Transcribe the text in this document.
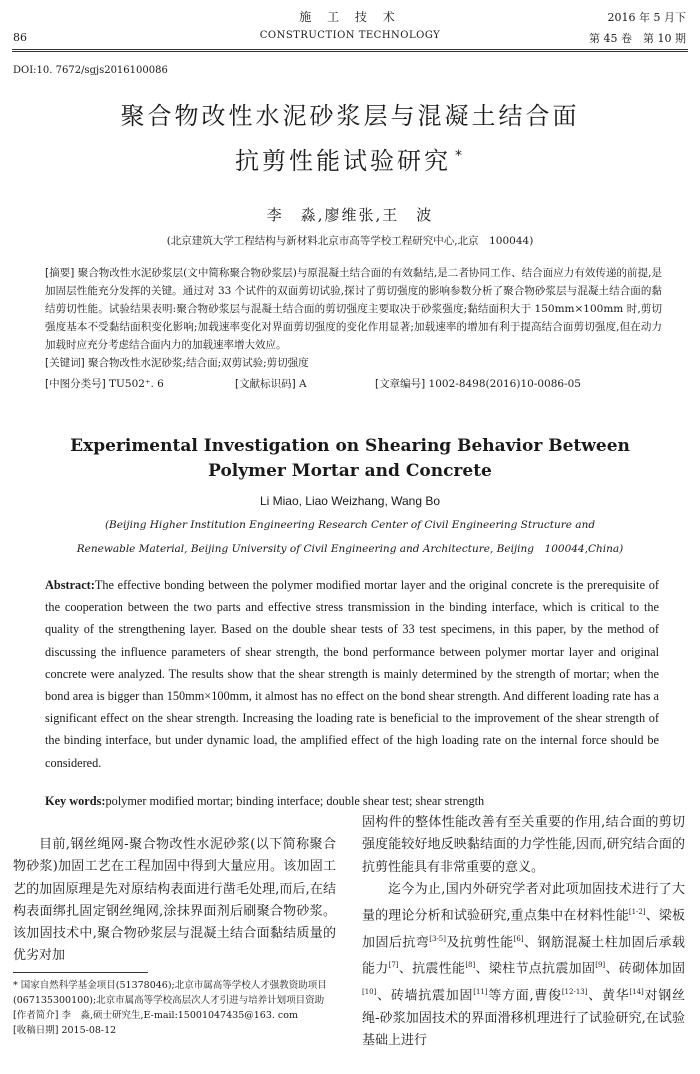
86
施 工 技 术
CONSTRUCTION TECHNOLOGY
2016 年 5 月下
第 45 卷　第 10 期
DOI:10. 7672/sgjs2016100086
聚合物改性水泥砂浆层与混凝土结合面
抗剪性能试验研究 *
李　淼,廖维张,王　波
(北京建筑大学工程结构与新材料北京市高等学校工程研究中心,北京　100044)
[摘要] 聚合物改性水泥砂浆层(文中简称聚合物砂浆层)与原混凝土结合面的有效黏结,是二者协同工作、结合面应力有效传递的前提,是加固层性能充分发挥的关键。通过对 33 个试件的双面剪切试验,探讨了剪切强度的影响参数分析了聚合物砂浆层与混凝土结合面的黏结剪切性能。试验结果表明:聚合物砂浆层与混凝土结合面的剪切强度主要取决于砂浆强度;黏结面积大于 150mm×100mm 时,剪切强度基本不受黏结面积变化影响;加载速率变化对界面剪切强度的变化作用显著;加载速率的增加有利于提高结合面剪切强度,但在动力加载时应充分考虑结合面内力的加载速率增大效应。
[关键词] 聚合物改性水泥砂浆;结合面;双剪试验;剪切强度
[中图分类号] TU502⁺. 6	[文献标识码] A	[文章编号] 1002-8498(2016)10-0086-05
Experimental Investigation on Shearing Behavior Between
Polymer Mortar and Concrete
Li Miao, Liao Weizhang, Wang Bo
(Beijing Higher Institution Engineering Research Center of Civil Engineering Structure and
Renewable Material, Beijing University of Civil Engineering and Architecture, Beijing　100044,China)
Abstract:The effective bonding between the polymer modified mortar layer and the original concrete is the prerequisite of the cooperation between the two parts and effective stress transmission in the binding interface, which is critical to the quality of the strengthening layer. Based on the double shear tests of 33 test specimens, in this paper, by the method of discussing the influence parameters of shear strength, the bond performance between polymer mortar layer and original concrete were analyzed. The results show that the shear strength is mainly determined by the strength of mortar; when the bond area is bigger than 150mm×100mm, it almost has no effect on the bond shear strength. And different loading rate has a significant effect on the shear strength. Increasing the loading rate is beneficial to the improvement of the shear strength of the binding interface, but under dynamic load, the amplified effect of the high loading rate on the internal force should be considered.
Key words:polymer modified mortar; binding interface; double shear test; shear strength

目前,钢丝绳网-聚合物改性水泥砂浆(以下简称聚合物砂浆)加固工艺在工程加固中得到大量应用。该加固工艺的加固原理是先对原结构表面进行凿毛处理,而后,在结构表面绑扎固定钢丝绳网,涂抹界面剂后刷聚合物砂浆。该加固技术中,聚合物砂浆层与混凝土结合面黏结质量的优劣对加

固构件的整体性能改善有至关重要的作用,结合面的剪切强度能较好地反映黏结面的力学性能,因而,研究结合面的抗剪性能具有非常重要的意义。

迄今为止,国内外研究学者对此项加固技术进行了大量的理论分析和试验研究,重点集中在材料性能[1-2]、梁板加固后抗弯[3-5]及抗剪性能[6]、钢筋混凝土柱加固后承载能力[7]、抗震性能[8]、梁柱节点抗震加固[9]、砖砌体加固[10]、砖墙抗震加固[11]等方面,曹俊[12-13]、黄华[14]对钢丝绳-砂浆加固技术的界面滑移机理进行了试验研究,在试验基础上进行

* 国家自然科学基金项目(51378046);北京市属高等学校人才强教资助项目(067135300100);北京市属高等学校高层次人才引进与培养计划项目资助
[作者简介] 李　淼,硕士研究生,E-mail:15001047435@163. com
[收稿日期] 2015-08-12
